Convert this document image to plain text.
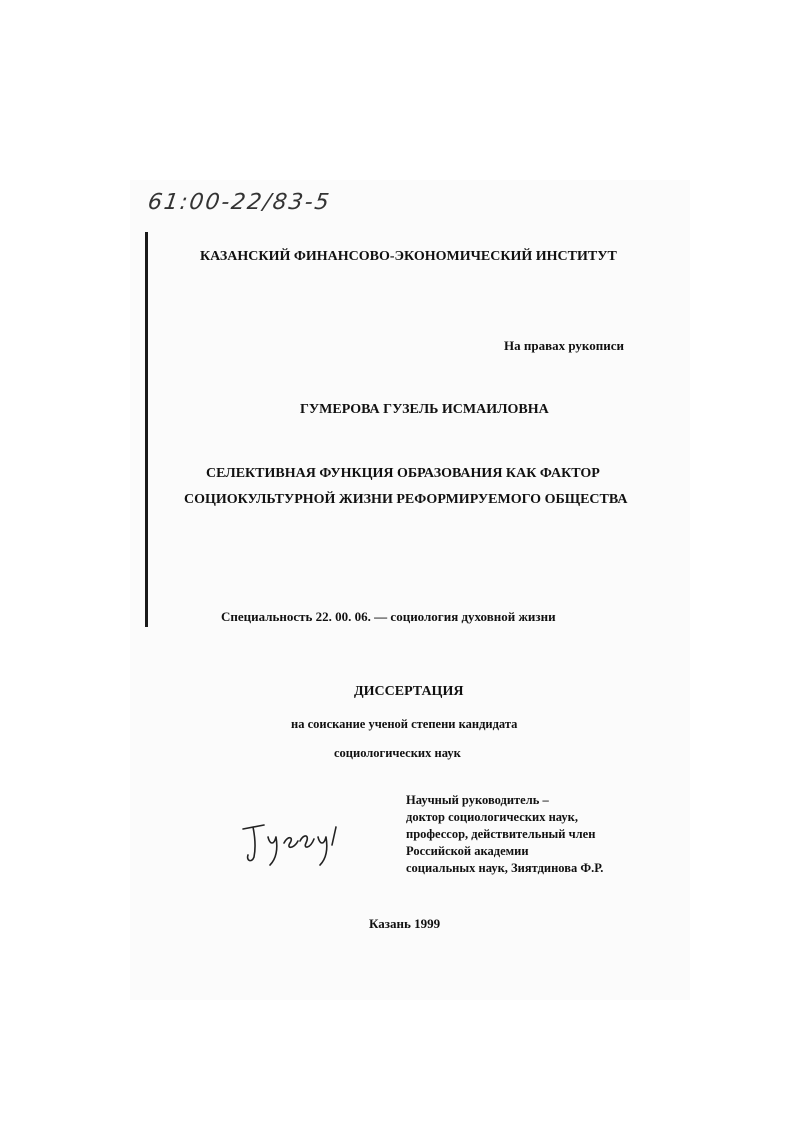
61:00-22/83-5
КАЗАНСКИЙ ФИНАНСОВО-ЭКОНОМИЧЕСКИЙ ИНСТИТУТ
На правах рукописи
ГУМЕРОВА ГУЗЕЛЬ ИСМАИЛОВНА
СЕЛЕКТИВНАЯ ФУНКЦИЯ ОБРАЗОВАНИЯ КАК ФАКТОР
СОЦИОКУЛЬТУРНОЙ ЖИЗНИ РЕФОРМИРУЕМОГО ОБЩЕСТВА
Специальность 22. 00. 06. — социология духовной жизни
ДИССЕРТАЦИЯ
на соискание ученой степени кандидата
социологических наук
Научный руководитель –
доктор социологических наук,
профессор, действительный член
Российской академии
социальных наук, Зиятдинова Ф.Р.
Казань 1999
